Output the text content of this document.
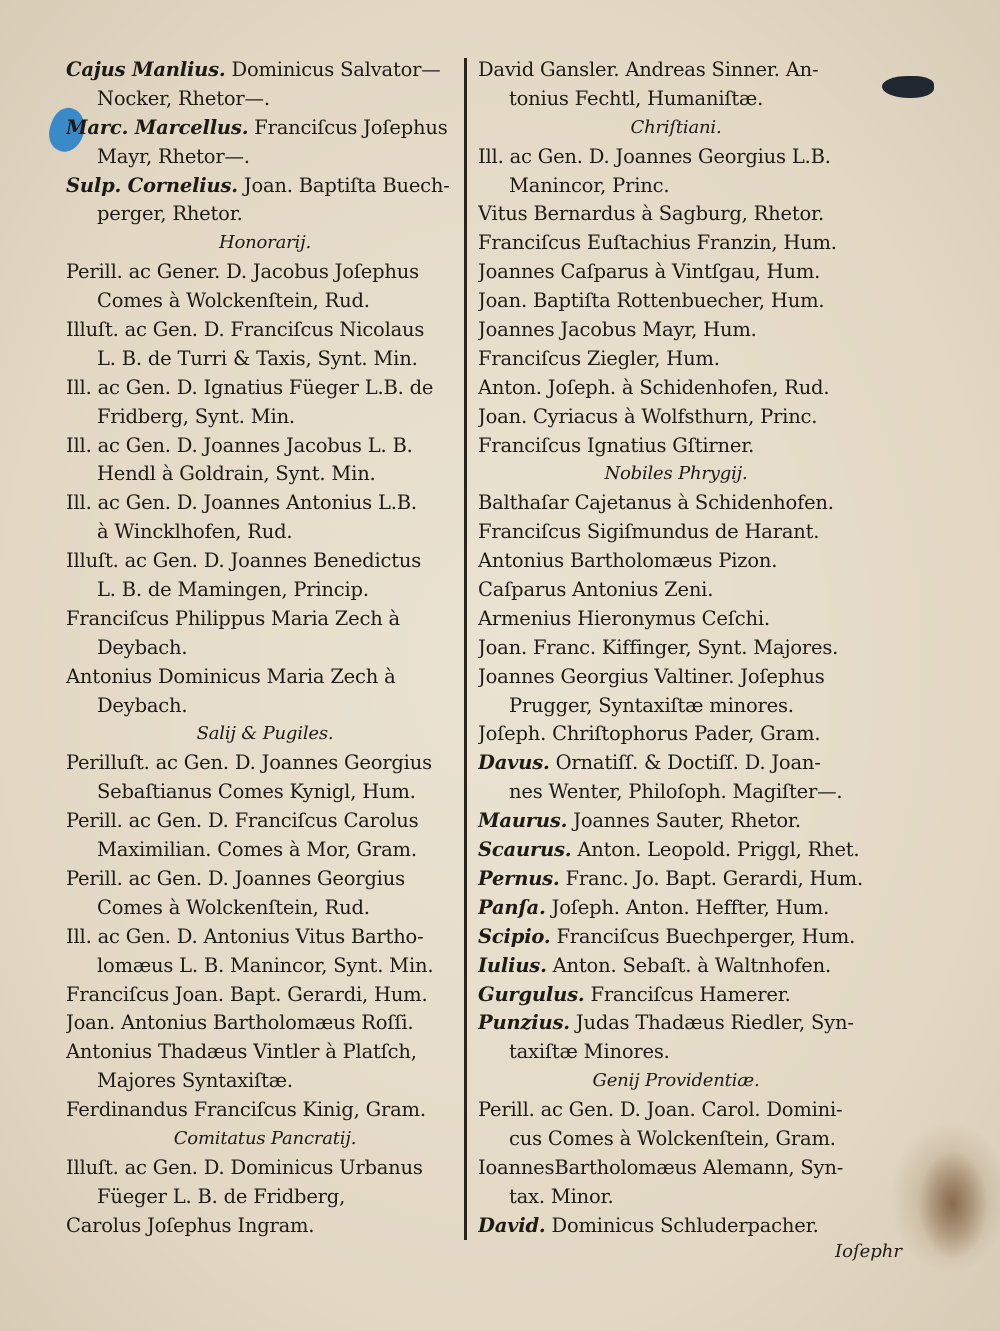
Cajus Manlius. Dominicus Salvator—
Nocker, Rhetor—.
Marc. Marcellus. Franciſcus Joſephus
Mayr, Rhetor—.
Sulp. Cornelius. Joan. Baptiſta Buech-
perger, Rhetor.
Honorarij.
Perill. ac Gener. D. Jacobus Joſephus
Comes à Wolckenſtein, Rud.
Illuſt. ac Gen. D. Franciſcus Nicolaus
L. B. de Turri & Taxis, Synt. Min.
Ill. ac Gen. D. Ignatius Füeger L.B. de
Fridberg, Synt. Min.
Ill. ac Gen. D. Joannes Jacobus L. B.
Hendl à Goldrain, Synt. Min.
Ill. ac Gen. D. Joannes Antonius L.B.
à Wincklhofen, Rud.
Illuſt. ac Gen. D. Joannes Benedictus
L. B. de Mamingen, Princip.
Franciſcus Philippus Maria Zech à
Deybach.
Antonius Dominicus Maria Zech à
Deybach.
Salij & Pugiles.
Perilluſt. ac Gen. D. Joannes Georgius
Sebaſtianus Comes Kynigl, Hum.
Perill. ac Gen. D. Franciſcus Carolus
Maximilian. Comes à Mor, Gram.
Perill. ac Gen. D. Joannes Georgius
Comes à Wolckenſtein, Rud.
Ill. ac Gen. D. Antonius Vitus Bartho-
lomæus L. B. Manincor, Synt. Min.
Franciſcus Joan. Bapt. Gerardi, Hum.
Joan. Antonius Bartholomæus Roſſi.
Antonius Thadæus Vintler à Platſch,
Majores Syntaxiſtæ.
Ferdinandus Franciſcus Kinig, Gram.
Comitatus Pancratij.
Illuſt. ac Gen. D. Dominicus Urbanus
Füeger L. B. de Fridberg,
Carolus Joſephus Ingram.
David Gansler. Andreas Sinner. An-
tonius Fechtl, Humaniſtæ.
Chriſtiani.
Ill. ac Gen. D. Joannes Georgius L.B.
Manincor, Princ.
Vitus Bernardus à Sagburg, Rhetor.
Franciſcus Euſtachius Franzin, Hum.
Joannes Caſparus à Vintſgau, Hum.
Joan. Baptiſta Rottenbuecher, Hum.
Joannes Jacobus Mayr, Hum.
Franciſcus Ziegler, Hum.
Anton. Joſeph. à Schidenhofen, Rud.
Joan. Cyriacus à Wolfsthurn, Princ.
Franciſcus Ignatius Gſtirner.
Nobiles Phrygij.
Balthaſar Cajetanus à Schidenhofen.
Franciſcus Sigiſmundus de Harant.
Antonius Bartholomæus Pizon.
Caſparus Antonius Zeni.
Armenius Hieronymus Ceſchi.
Joan. Franc. Kiffinger, Synt. Majores.
Joannes Georgius Valtiner. Joſephus
Prugger, Syntaxiſtæ minores.
Joſeph. Chriſtophorus Pader, Gram.
Davus. Ornatiſſ. & Doctiſſ. D. Joan-
nes Wenter, Philoſoph. Magiſter—.
Maurus. Joannes Sauter, Rhetor.
Scaurus. Anton. Leopold. Priggl, Rhet.
Pernus. Franc. Jo. Bapt. Gerardi, Hum.
Panſa. Joſeph. Anton. Heffter, Hum.
Scipio. Franciſcus Buechperger, Hum.
Iulius. Anton. Sebaſt. à Waltnhofen.
Gurgulus. Franciſcus Hamerer.
Punzius. Judas Thadæus Riedler, Syn-
taxiſtæ Minores.
Genij Providentiæ.
Perill. ac Gen. D. Joan. Carol. Domini-
cus Comes à Wolckenſtein, Gram.
IoannesBartholomæus Alemann, Syn-
tax. Minor.
David. Dominicus Schluderpacher.
Ioſephr
